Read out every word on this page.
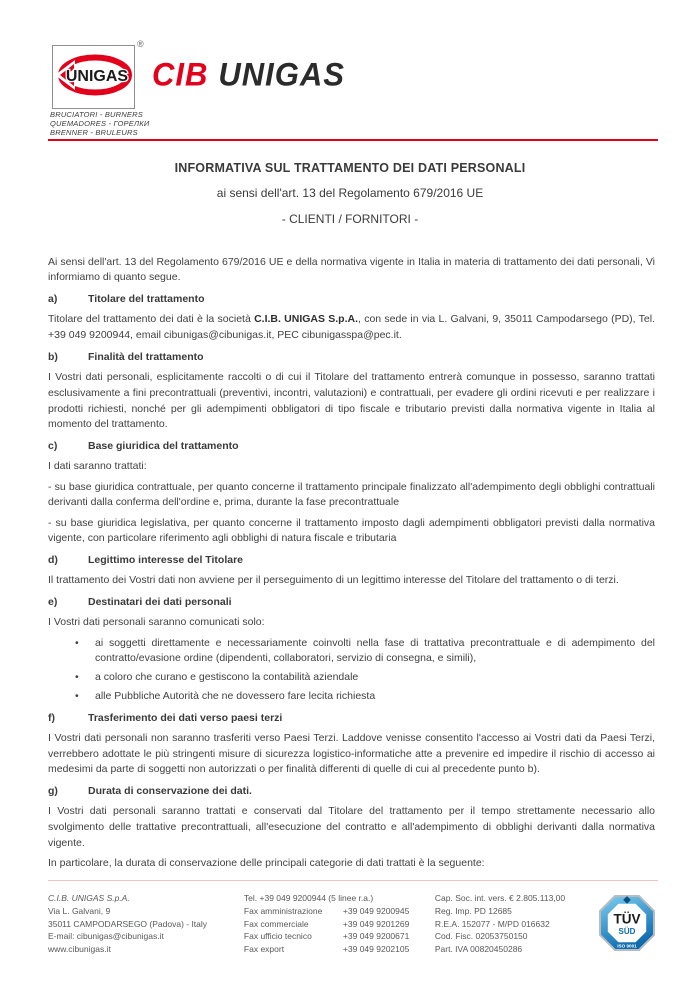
UNIGAS
®
CIB UNIGAS
BRUCIATORI - BURNERS
QUEMADORES - ГОРЕЛКИ
BRENNER - BRULEURS
INFORMATIVA SUL TRATTAMENTO DEI DATI PERSONALI
ai sensi dell'art. 13 del Regolamento 679/2016 UE
- CLIENTI / FORNITORI -

Ai sensi dell'art. 13 del Regolamento 679/2016 UE e della normativa vigente in Italia in materia di trattamento dei dati personali, Vi informiamo di quanto segue.

a)	Titolare del trattamento

Titolare del trattamento dei dati è la società C.I.B. UNIGAS S.p.A., con sede in via L. Galvani, 9, 35011 Campodarsego (PD), Tel. +39 049 9200944, email cibunigas@cibunigas.it, PEC cibunigasspa@pec.it.

b)	Finalità del trattamento

I Vostri dati personali, esplicitamente raccolti o di cui il Titolare del trattamento entrerà comunque in possesso, saranno trattati esclusivamente a fini precontrattuali (preventivi, incontri, valutazioni) e contrattuali, per evadere gli ordini ricevuti e per realizzare i prodotti richiesti, nonché per gli adempimenti obbligatori di tipo fiscale e tributario previsti dalla normativa vigente in Italia al momento del trattamento.

c)	Base giuridica del trattamento

I dati saranno trattati:

- su base giuridica contrattuale, per quanto concerne il trattamento principale finalizzato all'adempimento degli obblighi contrattuali derivanti dalla conferma dell'ordine e, prima, durante la fase precontrattuale

- su base giuridica legislativa, per quanto concerne il trattamento imposto dagli adempimenti obbligatori previsti dalla normativa vigente, con particolare riferimento agli obblighi di natura fiscale e tributaria

d)	Legittimo interesse del Titolare

Il trattamento dei Vostri dati non avviene per il perseguimento di un legittimo interesse del Titolare del trattamento o di terzi.

e)	Destinatari dei dati personali

I Vostri dati personali saranno comunicati solo:

•	ai soggetti direttamente e necessariamente coinvolti nella fase di trattativa precontrattuale e di adempimento del contratto/evasione ordine (dipendenti, collaboratori, servizio di consegna, e simili),
•	a coloro che curano e gestiscono la contabilità aziendale
•	alle Pubbliche Autorità che ne dovessero fare lecita richiesta
f)	Trasferimento dei dati verso paesi terzi

I Vostri dati personali non saranno trasferiti verso Paesi Terzi. Laddove venisse consentito l'accesso ai Vostri dati da Paesi Terzi, verrebbero adottate le più stringenti misure di sicurezza logistico-informatiche atte a prevenire ed impedire il rischio di accesso ai medesimi da parte di soggetti non autorizzati o per finalità differenti di quelle di cui al precedente punto b).

g)	Durata di conservazione dei dati.

I Vostri dati personali saranno trattati e conservati dal Titolare del trattamento per il tempo strettamente necessario allo svolgimento delle trattative precontrattuali, all'esecuzione del contratto e all'adempimento di obblighi derivanti dalla normativa vigente.

In particolare, la durata di conservazione delle principali categorie di dati trattati è la seguente:

C.I.B. UNIGAS S.p.A.
Via L. Galvani, 9
35011 CAMPODARSEGO (Padova) - Italy
E-mail: cibunigas@cibunigas.it
www.cibunigas.it
Tel. +39 049 9200944 (5 linee r.a.)
Fax amministrazione	+39 049 9200945
Fax commerciale	+39 049 9201269
Fax ufficio tecnico	+39 049 9200671
Fax export	+39 049 9202105
Cap. Soc. int. vers. € 2.805.113,00
Reg. Imp. PD 12685
R.E.A. 152077 - M/PD 016632
Cod. Fisc. 02053750150
Part. IVA 00820450286
TÜV
SÜD
ISO 9001
